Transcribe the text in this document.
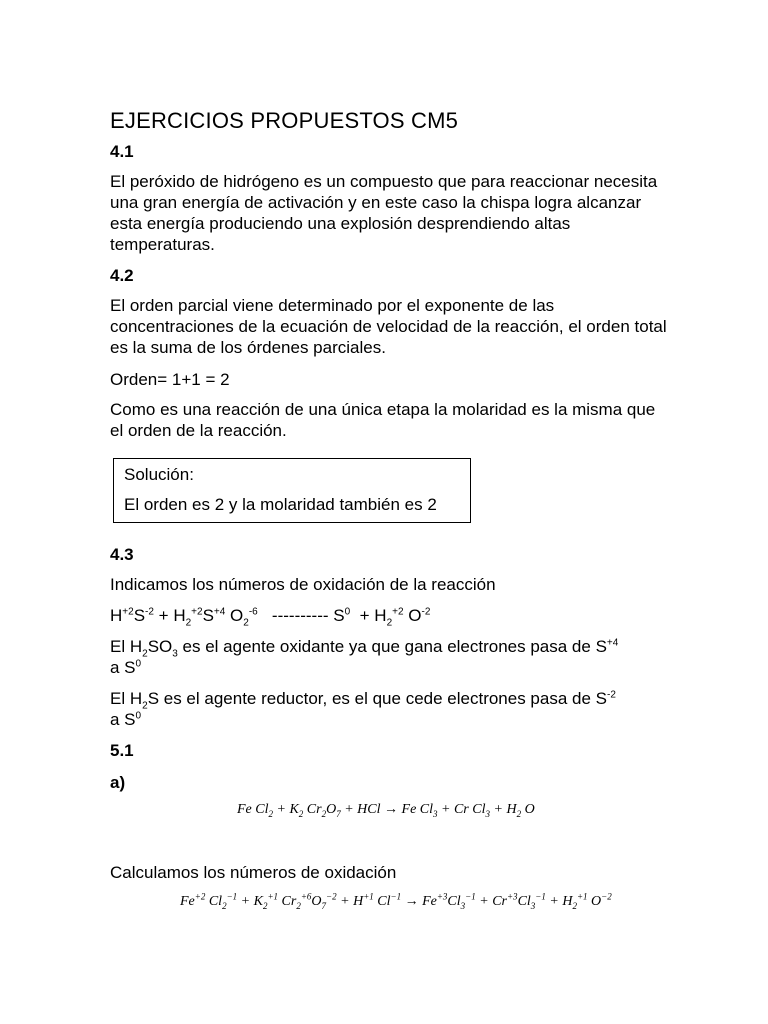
EJERCICIOS PROPUESTOS CM5
4.1
El peróxido de hidrógeno es un compuesto que para reaccionar necesita una gran energía de activación y en este caso la chispa logra alcanzar esta energía produciendo una explosión desprendiendo altas temperaturas.
4.2
El orden parcial viene determinado por el exponente de las concentraciones de la ecuación de velocidad de la reacción, el orden total es la suma de los órdenes parciales.
Orden= 1+1 = 2
Como es una reacción de una única etapa la molaridad es la misma que el orden de la reacción.
Solución:
El orden es 2 y la molaridad también es 2
4.3
Indicamos los números de oxidación de la reacción
$H^{+2}S^{-2} + H_2^{+2}S^{+4}$ $O_2^{-6}$   ---------- $S^0 + H_2^{+2}$ $O^{-2}$
El $H_2SO_3$ es el agente oxidante ya que gana electrones pasa de $S^{+4}$
a $S^0$
El $H_2S$ es el agente reductor, es el que cede electrones pasa de $S^{-2}$
a $S^0$
5.1
a)
Fe $Cl_2 + K_2$ $Cr_2O_7$ + HCl → Fe $Cl_3 + Cr$ $Cl_3 + H_2$ O
Calculamos los números de oxidación
$Fe^{+2}$ $Cl_2^{-1} + K_2^{+1}$ $Cr_2^{+6}O_7^{-2} + H^{+1}$ $Cl^{-1} \to Fe^{+3}Cl_3^{-1} + Cr^{+3}Cl_3^{-1} + H_2^{+1}$ $O^{-2}$
